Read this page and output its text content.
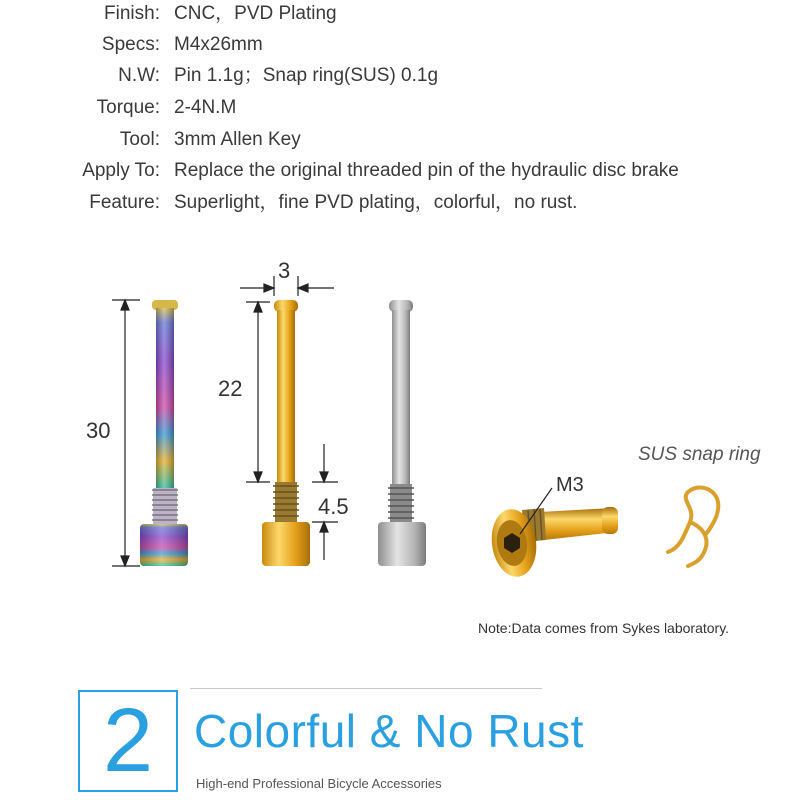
Finish: CNC，PVD Plating
Specs: M4x26mm
N.W: Pin 1.1g；Snap ring(SUS) 0.1g
Torque: 2-4N.M
Tool: 3mm Allen Key
Apply To: Replace the original threaded pin of the hydraulic disc brake
Feature: Superlight，fine PVD plating，colorful，no rust.
30
3
22
4.5
M3
SUS snap ring
Note:Data comes from Sykes laboratory.
2 Colorful & No Rust
High-end Professional Bicycle Accessories
